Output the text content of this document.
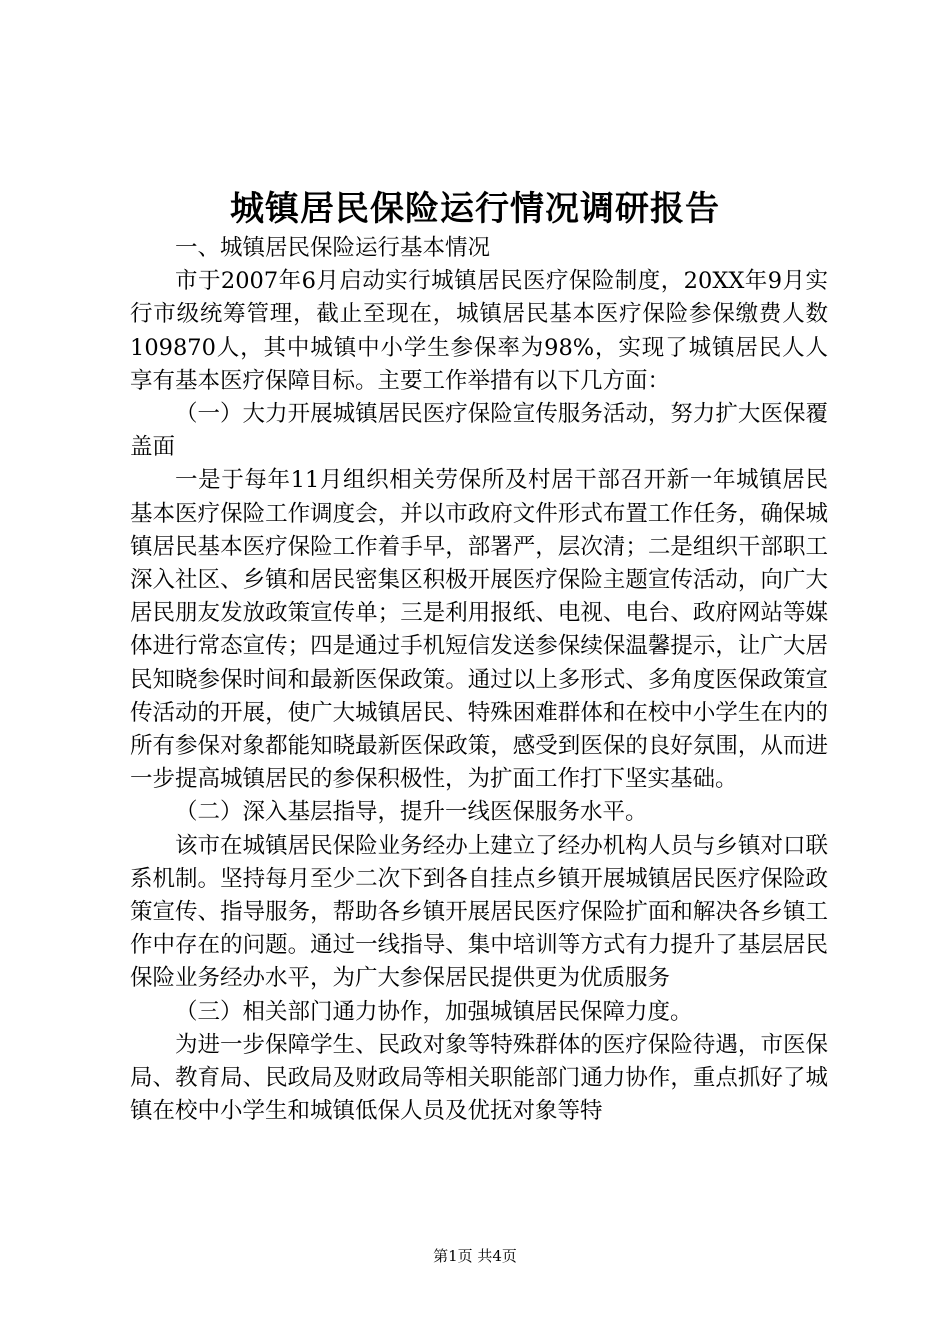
城镇居民保险运行情况调研报告

一、城镇居民保险运行基本情况

市于2007年6月启动实行城镇居民医疗保险制度，20XX年9月实行市级统筹管理，截止至现在，城镇居民基本医疗保险参保缴费人数109870人，其中城镇中小学生参保率为98%，实现了城镇居民人人享有基本医疗保障目标。主要工作举措有以下几方面：

（一）大力开展城镇居民医疗保险宣传服务活动，努力扩大医保覆盖面

一是于每年11月组织相关劳保所及村居干部召开新一年城镇居民基本医疗保险工作调度会，并以市政府文件形式布置工作任务，确保城镇居民基本医疗保险工作着手早，部署严，层次清；二是组织干部职工深入社区、乡镇和居民密集区积极开展医疗保险主题宣传活动，向广大居民朋友发放政策宣传单；三是利用报纸、电视、电台、政府网站等媒体进行常态宣传；四是通过手机短信发送参保续保温馨提示，让广大居民知晓参保时间和最新医保政策。通过以上多形式、多角度医保政策宣传活动的开展，使广大城镇居民、特殊困难群体和在校中小学生在内的所有参保对象都能知晓最新医保政策，感受到医保的良好氛围，从而进一步提高城镇居民的参保积极性，为扩面工作打下坚实基础。

（二）深入基层指导，提升一线医保服务水平。

该市在城镇居民保险业务经办上建立了经办机构人员与乡镇对口联系机制。坚持每月至少二次下到各自挂点乡镇开展城镇居民医疗保险政策宣传、指导服务，帮助各乡镇开展居民医疗保险扩面和解决各乡镇工作中存在的问题。通过一线指导、集中培训等方式有力提升了基层居民保险业务经办水平，为广大参保居民提供更为优质服务

（三）相关部门通力协作，加强城镇居民保障力度。

为进一步保障学生、民政对象等特殊群体的医疗保险待遇，市医保局、教育局、民政局及财政局等相关职能部门通力协作，重点抓好了城镇在校中小学生和城镇低保人员及优抚对象等特

第1页 共4页
